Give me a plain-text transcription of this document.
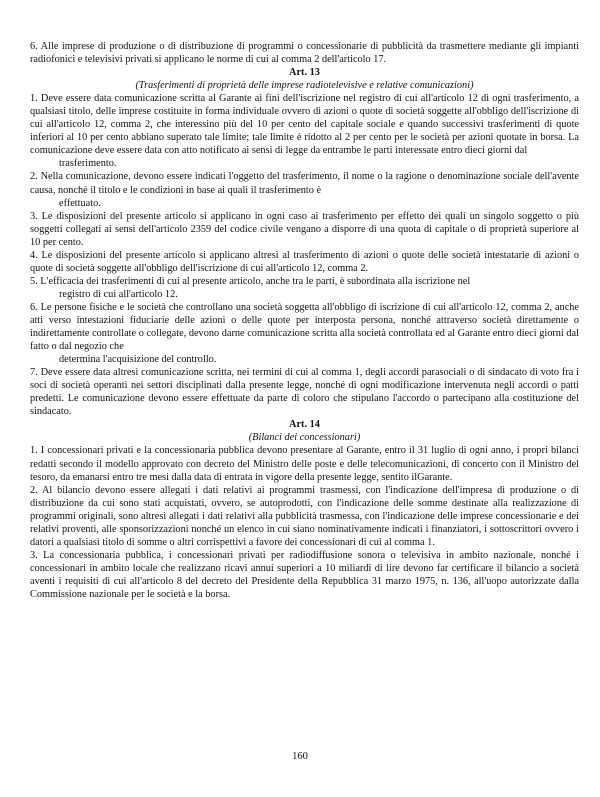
6. Alle imprese di produzione o di distribuzione di programmi o concessionarie di pubblicità da trasmettere mediante gli impianti radiofonici e televisivi privati si applicano le norme di cui al comma 2 dell'articolo 17.

Art. 13

(Trasferimenti di proprietà delle imprese radiotelevisive e relative comunicazioni)

1. Deve essere data comunicazione scritta al Garante ai fini dell'iscrizione nel registro di cui all'articolo 12 di ogni trasferimento, a qualsiasi titolo, delle imprese costituite in forma individuale ovvero di azioni o quote di società soggette all'obbligo dell'iscrizione di cui all'articolo 12, comma 2, che interessino più del 10 per cento del capitale sociale e quando successivi trasferimenti di quote inferiori al 10 per cento abbiano superato tale limite; tale limite è ridotto al 2 per cento per le società per azioni quotate in borsa. La comunicazione deve essere data con atto notificato ai sensi di legge da entrambe le parti interessate entro dieci giorni dal

trasferimento.

2. Nella comunicazione, devono essere indicati l'oggetto del trasferimento, il nome o la ragione o denominazione sociale dell'avente causa, nonché il titolo e le condizioni in base ai quali il trasferimento è

effettuato.

3. Le disposizioni del presente articolo si applicano in ogni caso ai trasferimento per effetto dei quali un singolo soggetto o più soggetti collegati ai sensi dell'articolo 2359 del codice civile vengano a disporre di una quota di capitale o di proprietà superiore al 10 per cento.

4. Le disposizioni del presente articolo si applicano altresì al trasferimento di azioni o quote delle società intestatarie di azioni o quote di società soggette all'obbligo dell'iscrizione di cui all'articolo 12, comma 2.

5. L'efficacia dei trasferimenti di cui al presente articolo, anche tra le parti, è subordinata alla iscrizione nel

registro di cui all'articolo 12.

6. Le persone fisiche e le società che controllano una società soggetta all'obbligo di iscrizione di cui all'articolo 12, comma 2, anche atti verso intestazioni fiduciarie delle azioni o delle quote per interposta persona, nonché attraverso società direttamente o indirettamente controllate o collegate, devono darne comunicazione scritta alla società controllata ed al Garante entro dieci giorni dal fatto o dal negozio che

determina l'acquisizione del controllo.

7. Deve essere data altresì comunicazione scritta, nei termini di cui al comma 1, degli accordi parasociali o di sindacato di voto fra i soci di società operanti nei settori disciplinati dalla presente legge, nonché di ogni modificazione intervenuta negli accordi o patti predetti. Le comunicazione devono essere effettuate da parte di coloro che stipulano l'accordo o partecipano alla costituzione del sindacato.

Art. 14

(Bilanci dei concessionari)

1. I concessionari privati e la concessionaria pubblica devono presentare al Garante, entro il 31 luglio di ogni anno, i propri bilanci redatti secondo il modello approvato con decreto del Ministro delle poste e delle telecomunicazioni, di concerto con il Ministro del tesoro, da emanarsi entro tre mesi dalla data di entrata in vigore della presente legge, sentito ilGarante.

2. Al bilancio devono essere allegati i dati relativi ai programmi trasmessi, con l'indicazione dell'impresa di produzione o di distribuzione da cui sono stati acquistati, ovvero, se autoprodotti, con l'indicazione delle somme destinate alla realizzazione di programmi originali, sono altresì allegati i dati relativi alla pubblicità trasmessa, con l'indicazione delle imprese concessionarie e dei relativi proventi, alle sponsorizzazioni nonché un elenco in cui siano nominativamente indicati i finanziatori, i sottoscrittori ovvero i datori a qualsiasi titolo di somme o altri corrispettivi a favore dei concessionari di cui al comma 1.

3. La concessionaria pubblica, i concessionari privati per radiodiffusione sonora o televisiva in ambito nazionale, nonché i concessionari in ambito locale che realizzano ricavi annui superiori a 10 miliardi di lire devono far certificare il bilancio a società aventi i requisiti di cui all'articolo 8 del decreto del Presidente della Repubblica 31 marzo 1975, n. 136, all'uopo autorizzate dalla Commissione nazionale per le società e la borsa.

160
